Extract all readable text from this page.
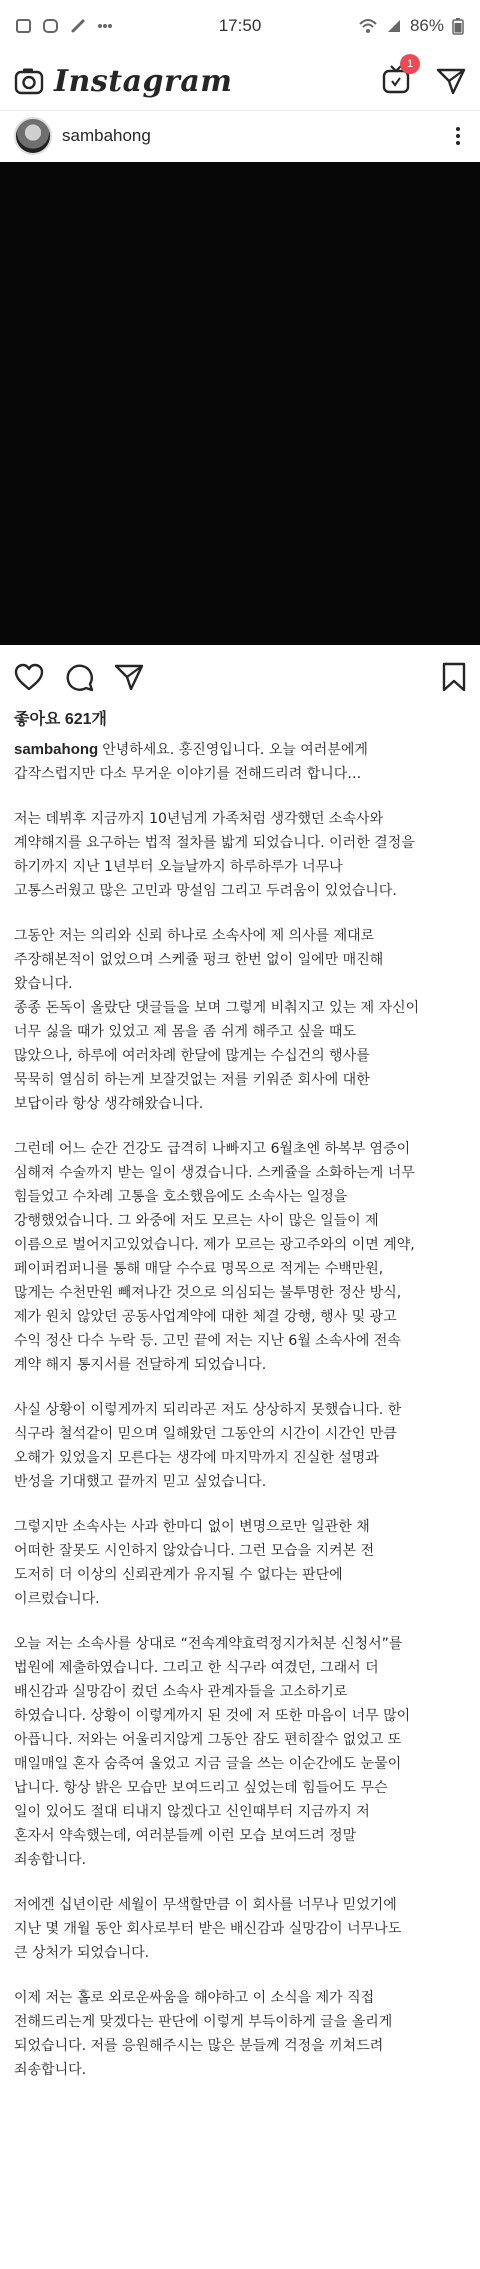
17:50	86%
Instagram	1
sambahong
좋아요 621개

sambahong 안녕하세요. 홍진영입니다. 오늘 여러분에게
갑작스럽지만 다소 무거운 이야기를 전해드리려 합니다…

저는 데뷔후 지금까지 10년넘게 가족처럼 생각했던 소속사와
계약해지를 요구하는 법적 절차를 밟게 되었습니다. 이러한 결정을
하기까지 지난 1년부터 오늘날까지 하루하루가 너무나
고통스러웠고 많은 고민과 망설임 그리고 두려움이 있었습니다.

그동안 저는 의리와 신뢰 하나로 소속사에 제 의사를 제대로
주장해본적이 없었으며 스케쥴 펑크 한번 없이 일에만 매진해
왔습니다.
종종 돈독이 올랐단 댓글들을 보며 그렇게 비춰지고 있는 제 자신이
너무 싫을 때가 있었고 제 몸을 좀 쉬게 해주고 싶을 때도
많았으나, 하루에 여러차례 한달에 많게는 수십건의 행사를
묵묵히 열심히 하는게 보잘것없는 저를 키워준 회사에 대한
보답이라 항상 생각해왔습니다.

그런데 어느 순간 건강도 급격히 나빠지고 6월초엔 하복부 염증이
심해져 수술까지 받는 일이 생겼습니다. 스케쥴을 소화하는게 너무
힘들었고 수차례 고통을 호소했음에도 소속사는 일정을
강행했었습니다. 그 와중에 저도 모르는 사이 많은 일들이 제
이름으로 벌어지고있었습니다. 제가 모르는 광고주와의 이면 계약,
페이퍼컴퍼니를 통해 매달 수수료 명목으로 적게는 수백만원,
많게는 수천만원 빼져나간 것으로 의심되는 불투명한 정산 방식,
제가 원치 않았던 공동사업계약에 대한 체결 강행, 행사 및 광고
수익 정산 다수 누락 등. 고민 끝에 저는 지난 6월 소속사에 전속
계약 해지 통지서를 전달하게 되었습니다.

사실 상황이 이렇게까지 되리라곤 저도 상상하지 못했습니다. 한
식구라 철석같이 믿으며 일해왔던 그동안의 시간이 시간인 만큼
오해가 있었을지 모른다는 생각에 마지막까지 진실한 설명과
반성을 기대했고 끝까지 믿고 싶었습니다.

그렇지만 소속사는 사과 한마디 없이 변명으로만 일관한 채
어떠한 잘못도 시인하지 않았습니다. 그런 모습을 지켜본 전
도저히 더 이상의 신뢰관계가 유지될 수 없다는 판단에
이르렀습니다.

오늘 저는 소속사를 상대로 “전속계약효력정지가처분 신청서”를
법원에 제출하였습니다. 그리고 한 식구라 여겼던, 그래서 더
배신감과 실망감이 컸던 소속사 관계자들을 고소하기로
하였습니다. 상황이 이렇게까지 된 것에 저 또한 마음이 너무 많이
아픕니다. 저와는 어울리지않게 그동안 잠도 편히잘수 없었고 또
매일매일 혼자 숨죽여 울었고 지금 글을 쓰는 이순간에도 눈물이
납니다. 항상 밝은 모습만 보여드리고 싶었는데 힘들어도 무슨
일이 있어도 절대 티내지 않겠다고 신인때부터 지금까지 저
혼자서 약속했는데, 여러분들께 이런 모습 보여드려 정말
죄송합니다.

저에겐 십년이란 세월이 무색할만큼 이 회사를 너무나 믿었기에
지난 몇 개월 동안 회사로부터 받은 배신감과 실망감이 너무나도
큰 상처가 되었습니다.

이제 저는 홀로 외로운싸움을 해야하고 이 소식을 제가 직접
전해드리는게 맞겠다는 판단에 이렇게 부득이하게 글을 올리게
되었습니다. 저를 응원해주시는 많은 분들께 걱정을 끼쳐드려
죄송합니다.
